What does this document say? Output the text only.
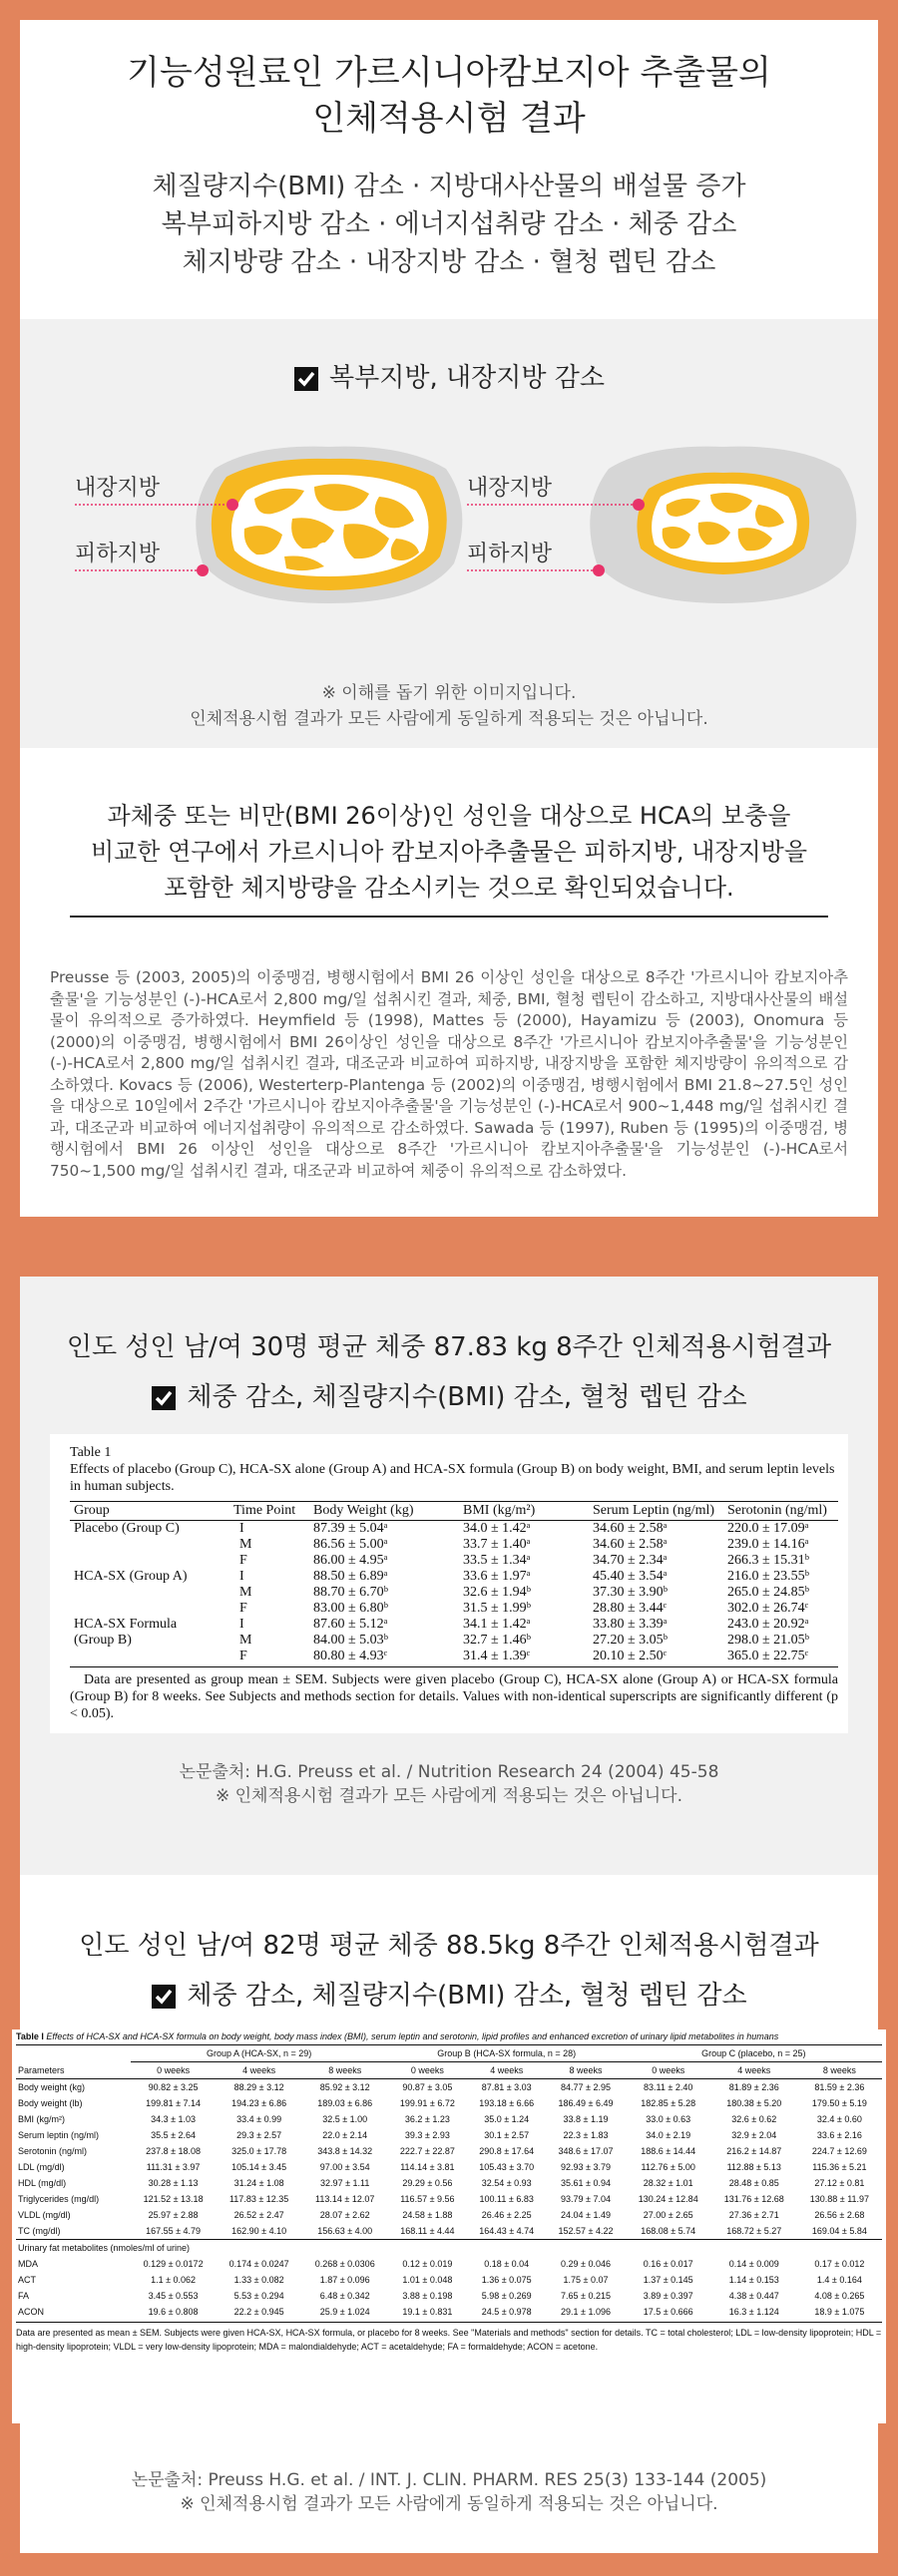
기능성원료인 가르시니아캄보지아 추출물의
인체적용시험 결과
체질량지수(BMI) 감소 · 지방대사산물의 배설물 증가
복부피하지방 감소 · 에너지섭취량 감소 · 체중 감소
체지방량 감소 · 내장지방 감소 · 혈청 렙틴 감소
복부지방, 내장지방 감소
내장지방
피하지방
내장지방
피하지방
※ 이해를 돕기 위한 이미지입니다.
인체적용시험 결과가 모든 사람에게 동일하게 적용되는 것은 아닙니다.
과체중 또는 비만(BMI 26이상)인 성인을 대상으로 HCA의 보충을
비교한 연구에서 가르시니아 캄보지아추출물은 피하지방, 내장지방을
포함한 체지방량을 감소시키는 것으로 확인되었습니다.
Preusse 등 (2003, 2005)의 이중맹검, 병행시험에서 BMI 26 이상인 성인을 대상으로 8주간 '가르시니아 캄보지아추출물'을 기능성분인 (-)-HCA로서 2,800 mg/일 섭취시킨 결과, 체중, BMI, 혈청 렙틴이 감소하고, 지방대사산물의 배설물이 유의적으로 증가하였다. Heymfield 등 (1998), Mattes 등 (2000), Hayamizu 등 (2003), Onomura 등 (2000)의 이중맹검, 병행시험에서 BMI 26이상인 성인을 대상으로 8주간 '가르시니아 캄보지아추출물'을 기능성분인 (-)-HCA로서 2,800 mg/일 섭취시킨 결과, 대조군과 비교하여 피하지방, 내장지방을 포함한 체지방량이 유의적으로 감소하였다. Kovacs 등 (2006), Westerterp-Plantenga 등 (2002)의 이중맹검, 병행시험에서 BMI 21.8~27.5인 성인을 대상으로 10일에서 2주간 '가르시니아 캄보지아추출물'을 기능성분인 (-)-HCA로서 900~1,448 mg/일 섭취시킨 결과, 대조군과 비교하여 에너지섭취량이 유의적으로 감소하였다. Sawada 등 (1997), Ruben 등 (1995)의 이중맹검, 병행시험에서 BMI 26 이상인 성인을 대상으로 8주간 '가르시니아 캄보지아추출물'을 기능성분인 (-)-HCA로서 750~1,500 mg/일 섭취시킨 결과, 대조군과 비교하여 체중이 유의적으로 감소하였다.
인도 성인 남/여 30명 평균 체중 87.83 kg 8주간 인체적용시험결과
체중 감소, 체질량지수(BMI) 감소, 혈청 렙틴 감소
Table 1
Effects of placebo (Group C), HCA-SX alone (Group A) and HCA-SX formula (Group B) on body weight, BMI, and serum leptin levels in human subjects.
Group	Time Point	Body Weight (kg)	BMI (kg/m²)	Serum Leptin (ng/ml)	Serotonin (ng/ml)
Placebo (Group C)	I	87.39 ± 5.04ᵃ	34.0 ± 1.42ᵃ	34.60 ± 2.58ᵃ	220.0 ± 17.09ᵃ
	M	86.56 ± 5.00ᵃ	33.7 ± 1.40ᵃ	34.60 ± 2.58ᵃ	239.0 ± 14.16ᵃ
	F	86.00 ± 4.95ᵃ	33.5 ± 1.34ᵃ	34.70 ± 2.34ᵃ	266.3 ± 15.31ᵇ
HCA-SX (Group A)	I	88.50 ± 6.89ᵃ	33.6 ± 1.97ᵃ	45.40 ± 3.54ᵃ	216.0 ± 23.55ᵇ
	M	88.70 ± 6.70ᵇ	32.6 ± 1.94ᵇ	37.30 ± 3.90ᵇ	265.0 ± 24.85ᵇ
	F	83.00 ± 6.80ᵇ	31.5 ± 1.99ᵇ	28.80 ± 3.44ᶜ	302.0 ± 26.74ᶜ
HCA-SX Formula	I	87.60 ± 5.12ᵃ	34.1 ± 1.42ᵃ	33.80 ± 3.39ᵃ	243.0 ± 20.92ᵃ
(Group B)	M	84.00 ± 5.03ᵇ	32.7 ± 1.46ᵇ	27.20 ± 3.05ᵇ	298.0 ± 21.05ᵇ
	F	80.80 ± 4.93ᶜ	31.4 ± 1.39ᶜ	20.10 ± 2.50ᶜ	365.0 ± 22.75ᶜ
Data are presented as group mean ± SEM. Subjects were given placebo (Group C), HCA-SX alone (Group A) or HCA-SX formula (Group B) for 8 weeks. See Subjects and methods section for details. Values with non-identical superscripts are significantly different (p < 0.05).
논문출처: H.G. Preuss et al. / Nutrition Research 24 (2004) 45-58
※ 인체적용시험 결과가 모든 사람에게 적용되는 것은 아닙니다.
인도 성인 남/여 82명 평균 체중 88.5kg 8주간 인체적용시험결과
체중 감소, 체질량지수(BMI) 감소, 혈청 렙틴 감소
Table I Effects of HCA-SX and HCA-SX formula on body weight, body mass index (BMI), serum leptin and serotonin, lipid profiles and enhanced excretion of urinary lipid metabolites in humans
	Group A (HCA-SX, n = 29)			Group B (HCA-SX formula, n = 28)			Group C (placebo, n = 25)		
Parameters	0 weeks	4 weeks	8 weeks	0 weeks	4 weeks	8 weeks	0 weeks	4 weeks	8 weeks
Body weight (kg)	90.82 ± 3.25	88.29 ± 3.12	85.92 ± 3.12	90.87 ± 3.05	87.81 ± 3.03	84.77 ± 2.95	83.11 ± 2.40	81.89 ± 2.36	81.59 ± 2.36
Body weight (lb)	199.81 ± 7.14	194.23 ± 6.86	189.03 ± 6.86	199.91 ± 6.72	193.18 ± 6.66	186.49 ± 6.49	182.85 ± 5.28	180.38 ± 5.20	179.50 ± 5.19
BMI (kg/m²)	34.3 ± 1.03	33.4 ± 0.99	32.5 ± 1.00	36.2 ± 1.23	35.0 ± 1.24	33.8 ± 1.19	33.0 ± 0.63	32.6 ± 0.62	32.4 ± 0.60
Serum leptin (ng/ml)	35.5 ± 2.64	29.3 ± 2.57	22.0 ± 2.14	39.3 ± 2.93	30.1 ± 2.57	22.3 ± 1.83	34.0 ± 2.19	32.9 ± 2.04	33.6 ± 2.16
Serotonin (ng/ml)	237.8 ± 18.08	325.0 ± 17.78	343.8 ± 14.32	222.7 ± 22.87	290.8 ± 17.64	348.6 ± 17.07	188.6 ± 14.44	216.2 ± 14.87	224.7 ± 12.69
LDL (mg/dl)	111.31 ± 3.97	105.14 ± 3.45	97.00 ± 3.54	114.14 ± 3.81	105.43 ± 3.70	92.93 ± 3.79	112.76 ± 5.00	112.88 ± 5.13	115.36 ± 5.21
HDL (mg/dl)	30.28 ± 1.13	31.24 ± 1.08	32.97 ± 1.11	29.29 ± 0.56	32.54 ± 0.93	35.61 ± 0.94	28.32 ± 1.01	28.48 ± 0.85	27.12 ± 0.81
Triglycerides (mg/dl)	121.52 ± 13.18	117.83 ± 12.35	113.14 ± 12.07	116.57 ± 9.56	100.11 ± 6.83	93.79 ± 7.04	130.24 ± 12.84	131.76 ± 12.68	130.88 ± 11.97
VLDL (mg/dl)	25.97 ± 2.88	26.52 ± 2.47	28.07 ± 2.62	24.58 ± 1.88	26.46 ± 2.25	24.04 ± 1.49	27.00 ± 2.65	27.36 ± 2.71	26.56 ± 2.68
TC (mg/dl)	167.55 ± 4.79	162.90 ± 4.10	156.63 ± 4.00	168.11 ± 4.44	164.43 ± 4.74	152.57 ± 4.22	168.08 ± 5.74	168.72 ± 5.27	169.04 ± 5.84
Urinary fat metabolites (nmoles/ml of urine)									
MDA	0.129 ± 0.0172	0.174 ± 0.0247	0.268 ± 0.0306	0.12 ± 0.019	0.18 ± 0.04	0.29 ± 0.046	0.16 ± 0.017	0.14 ± 0.009	0.17 ± 0.012
ACT	1.1 ± 0.062	1.33 ± 0.082	1.87 ± 0.096	1.01 ± 0.048	1.36 ± 0.075	1.75 ± 0.07	1.37 ± 0.145	1.14 ± 0.153	1.4 ± 0.164
FA	3.45 ± 0.553	5.53 ± 0.294	6.48 ± 0.342	3.88 ± 0.198	5.98 ± 0.269	7.65 ± 0.215	3.89 ± 0.397	4.38 ± 0.447	4.08 ± 0.265
ACON	19.6 ± 0.808	22.2 ± 0.945	25.9 ± 1.024	19.1 ± 0.831	24.5 ± 0.978	29.1 ± 1.096	17.5 ± 0.666	16.3 ± 1.124	18.9 ± 1.075
Data are presented as mean ± SEM. Subjects were given HCA-SX, HCA-SX formula, or placebo for 8 weeks. See "Materials and methods" section for details. TC = total cholesterol; LDL = low-density lipoprotein; HDL = high-density lipoprotein; VLDL = very low-density lipoprotein; MDA = malondialdehyde; ACT = acetaldehyde; FA = formaldehyde; ACON = acetone.
논문출처: Preuss H.G. et al. / INT. J. CLIN. PHARM. RES 25(3) 133-144 (2005)
※ 인체적용시험 결과가 모든 사람에게 동일하게 적용되는 것은 아닙니다.
